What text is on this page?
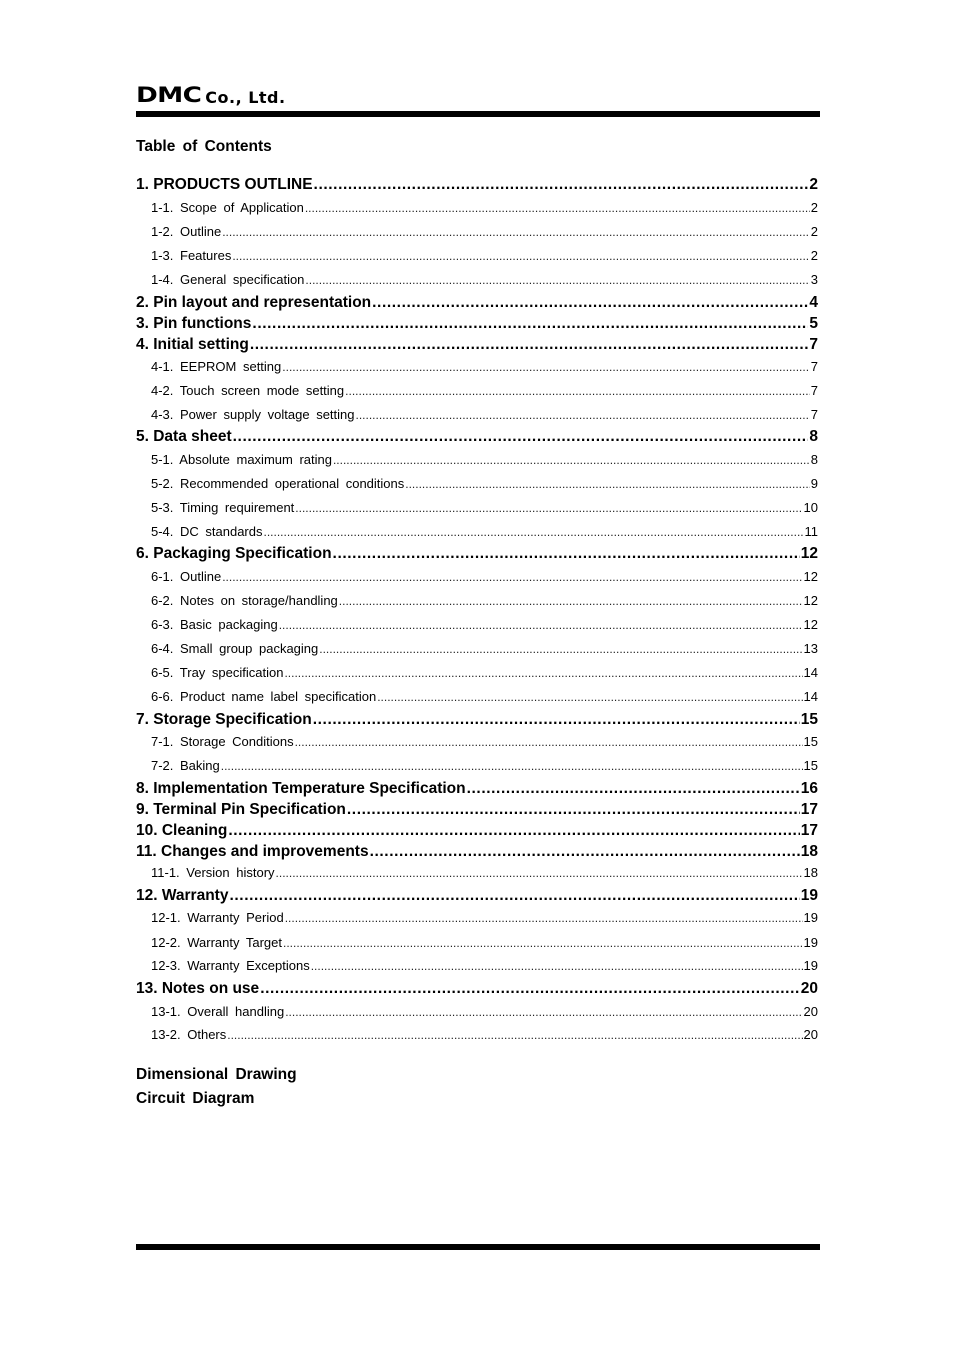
DMC Co., Ltd.
Table of Contents
1. PRODUCTS OUTLINE .....	2
1-1. Scope of Application .....	2
1-2. Outline .....	2
1-3. Features .....	2
1-4. General specification .....	3
2. Pin layout and representation .....	4
3. Pin functions .....	5
4. Initial setting .....	7
4-1. EEPROM setting .....	7
4-2. Touch screen mode setting .....	7
4-3. Power supply voltage setting .....	7
5. Data sheet .....	8
5-1. Absolute maximum rating .....	8
5-2. Recommended operational conditions .....	9
5-3. Timing requirement .....	10
5-4. DC standards .....	11
6. Packaging Specification .....	12
6-1. Outline .....	12
6-2. Notes on storage/handling .....	12
6-3. Basic packaging .....	12
6-4. Small group packaging .....	13
6-5. Tray specification .....	14
6-6. Product name label specification .....	14
7. Storage Specification .....	15
7-1. Storage Conditions .....	15
7-2. Baking .....	15
8. Implementation Temperature Specification .....	16
9. Terminal Pin Specification .....	17
10. Cleaning .....	17
11. Changes and improvements .....	18
11-1. Version history .....	18
12. Warranty .....	19
12-1. Warranty Period .....	19
12-2. Warranty Target .....	19
12-3. Warranty Exceptions .....	19
13. Notes on use .....	20
13-1. Overall handling .....	20
13-2. Others .....	20
Dimensional Drawing
Circuit Diagram
